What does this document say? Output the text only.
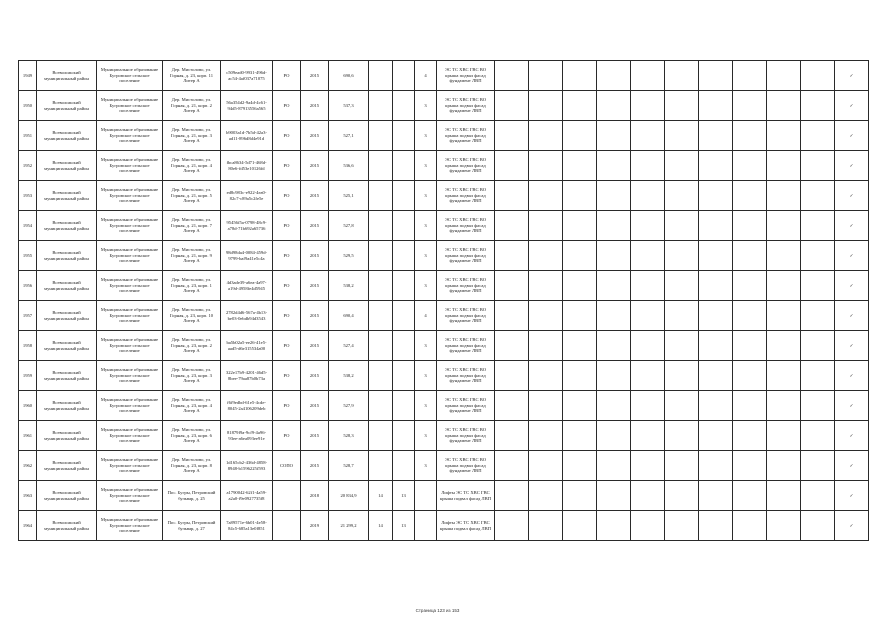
1949	Всеволожский муниципальный район	Муниципальное образование Бугровское сельское поселение	Дер. Мистолово, ул. Горная, д. 23, корп. 11 Литер А	c509ead0-9931-496d-ac54-4af037a71075	РО	2015	690,6			4	ЭС ТС ХВС ГВС ВО крыша подвал фасад фундамент ЛВП											✓
1950	Всеволожский муниципальный район	Муниципальное образование Бугровское сельское поселение	Дер. Мистолово, ул. Горная, д. 21, корп. 2 Литер А	56a354d2-9a4d-4c61-94d5-87913556a565	РО	2015	537,3			3	ЭС ТС ХВС ГВС ВО крыша подвал фасад фундамент ЛВП											✓
1951	Всеволожский муниципальный район	Муниципальное образование Бугровское сельское поселение	Дер. Мистолово, ул. Горная, д. 21, корп. 3 Литер А	b9003a1d-7b5d-42a3-ad11-896d8d4e91d	РО	2015	527,1			3	ЭС ТС ХВС ГВС ВО крыша подвал фасад фундамент ЛВП											✓
1952	Всеволожский муниципальный район	Муниципальное образование Бугровское сельское поселение	Дер. Мистолово, ул. Горная, д. 21, корп. 4 Литер А	fbca8634-5d71-468d-80e6-fd53e10126fd	РО	2015	536,6			3	ЭС ТС ХВС ГВС ВО крыша подвал фасад фундамент ЛВП											✓
1953	Всеволожский муниципальный район	Муниципальное образование Бугровское сельское поселение	Дер. Мистолово, ул. Горная, д. 21, корп. 5 Литер А	ed8c983c-e922-4ea0-82c7-c89a5c2fe5e	РО	2015	525,1			3	ЭС ТС ХВС ГВС ВО крыша подвал фасад фундамент ЛВП											✓
1954	Всеволожский муниципальный район	Муниципальное образование Бугровское сельское поселение	Дер. Мистолово, ул. Горная, д. 21, корп. 7 Литер А	95456f5a-0798-48c9-a78d-71b692a65736	РО	2015	527,8			3	ЭС ТС ХВС ГВС ВО крыша подвал фасад фундамент ЛВП											✓
1955	Всеволожский муниципальный район	Муниципальное образование Бугровское сельское поселение	Дер. Мистолово, ул. Горная, д. 21, корп. 9 Литер А	98d98da4-0084-459d-9799-baf9a41e5c4a	РО	2015	529,5			3	ЭС ТС ХВС ГВС ВО крыша подвал фасад фундамент ЛВП											✓
1956	Всеволожский муниципальный район	Муниципальное образование Бугровское сельское поселение	Дер. Мистолово, ул. Горная, д. 23, корп. 1 Литер А	4d3ade39-a6ea-4a97-a19d-4958fe4d5945	РО	2015	538,2			3	ЭС ТС ХВС ГВС ВО крыша подвал фасад фундамент ЛВП											✓
1957	Всеволожский муниципальный район	Муниципальное образование Бугровское сельское поселение	Дер. Мистолово, ул. Горная, д. 23, корп. 10 Литер А	2782d4d6-567a-4b13-be03-0ebdb94d3543	РО	2015	690,4			4	ЭС ТС ХВС ГВС ВО крыша подвал фасад фундамент ЛВП											✓
1958	Всеволожский муниципальный район	Муниципальное образование Бугровское сельское поселение	Дер. Мистолово, ул. Горная, д. 23, корп. 2 Литер А	ba5b02a5-ee26-41e5-aad5-d6e315534a00	РО	2015	527,4			3	ЭС ТС ХВС ГВС ВО крыша подвал фасад фундамент ЛВП											✓
1959	Всеволожский муниципальный район	Муниципальное образование Бугровское сельское поселение	Дер. Мистолово, ул. Горная, д. 23, корп. 3 Литер А	322e17b9-4201-46d5-8bee-79aa87b0b73a	РО	2015	538,2			3	ЭС ТС ХВС ГВС ВО крыша подвал фасад фундамент ЛВП											✓
1960	Всеволожский муниципальный район	Муниципальное образование Бугровское сельское поселение	Дер. Мистолово, ул. Горная, д. 23, корп. 4 Литер А	f6f9edbd-61e5-4cde-8045-2a4106209deb	РО	2015	527,9			3	ЭС ТС ХВС ГВС ВО крыша подвал фасад фундамент ЛВП											✓
1961	Всеволожский муниципальный район	Муниципальное образование Бугровское сельское поселение	Дер. Мистолово, ул. Горная, д. 23, корп. 6 Литер А	81879f9a-9cf9-4a96-93ee-a6ea093ee91e	РО	2015	528,3			3	ЭС ТС ХВС ГВС ВО крыша подвал фасад фундамент ЛВП											✓
1962	Всеволожский муниципальный район	Муниципальное образование Бугровское сельское поселение	Дер. Мистолово, ул. Горная, д. 23, корп. 8 Литер А	1d165cb2-436d-4858-8948-b1596225f593	СОПО	2015	528,7			3	ЭС ТС ХВС ГВС ВО крыша подвал фасад фундамент ЛВП											✓
1963	Всеволожский муниципальный район	Муниципальное образование Бугровское сельское поселение	Пос. Бугры, Петровский бульвар, д. 25	a1790042-62f1-4a59-a2a0-f9e0927735f8		2018	20 834,9	14	13		Лифты ЭС ТС ХВС ГВС крыша подвал фасад ЛВП											✓
1964	Всеволожский муниципальный район	Муниципальное образование Бугровское сельское поселение	Пос. Бугры, Петровский бульвар, д. 27	7a89571e-6b01-4e58-84c5-685a13e0f851		2019	21 299,2	14	13		Лифты ЭС ТС ХВС ГВС крыша подвал фасад ЛВП											✓
Страница 123 из 153
